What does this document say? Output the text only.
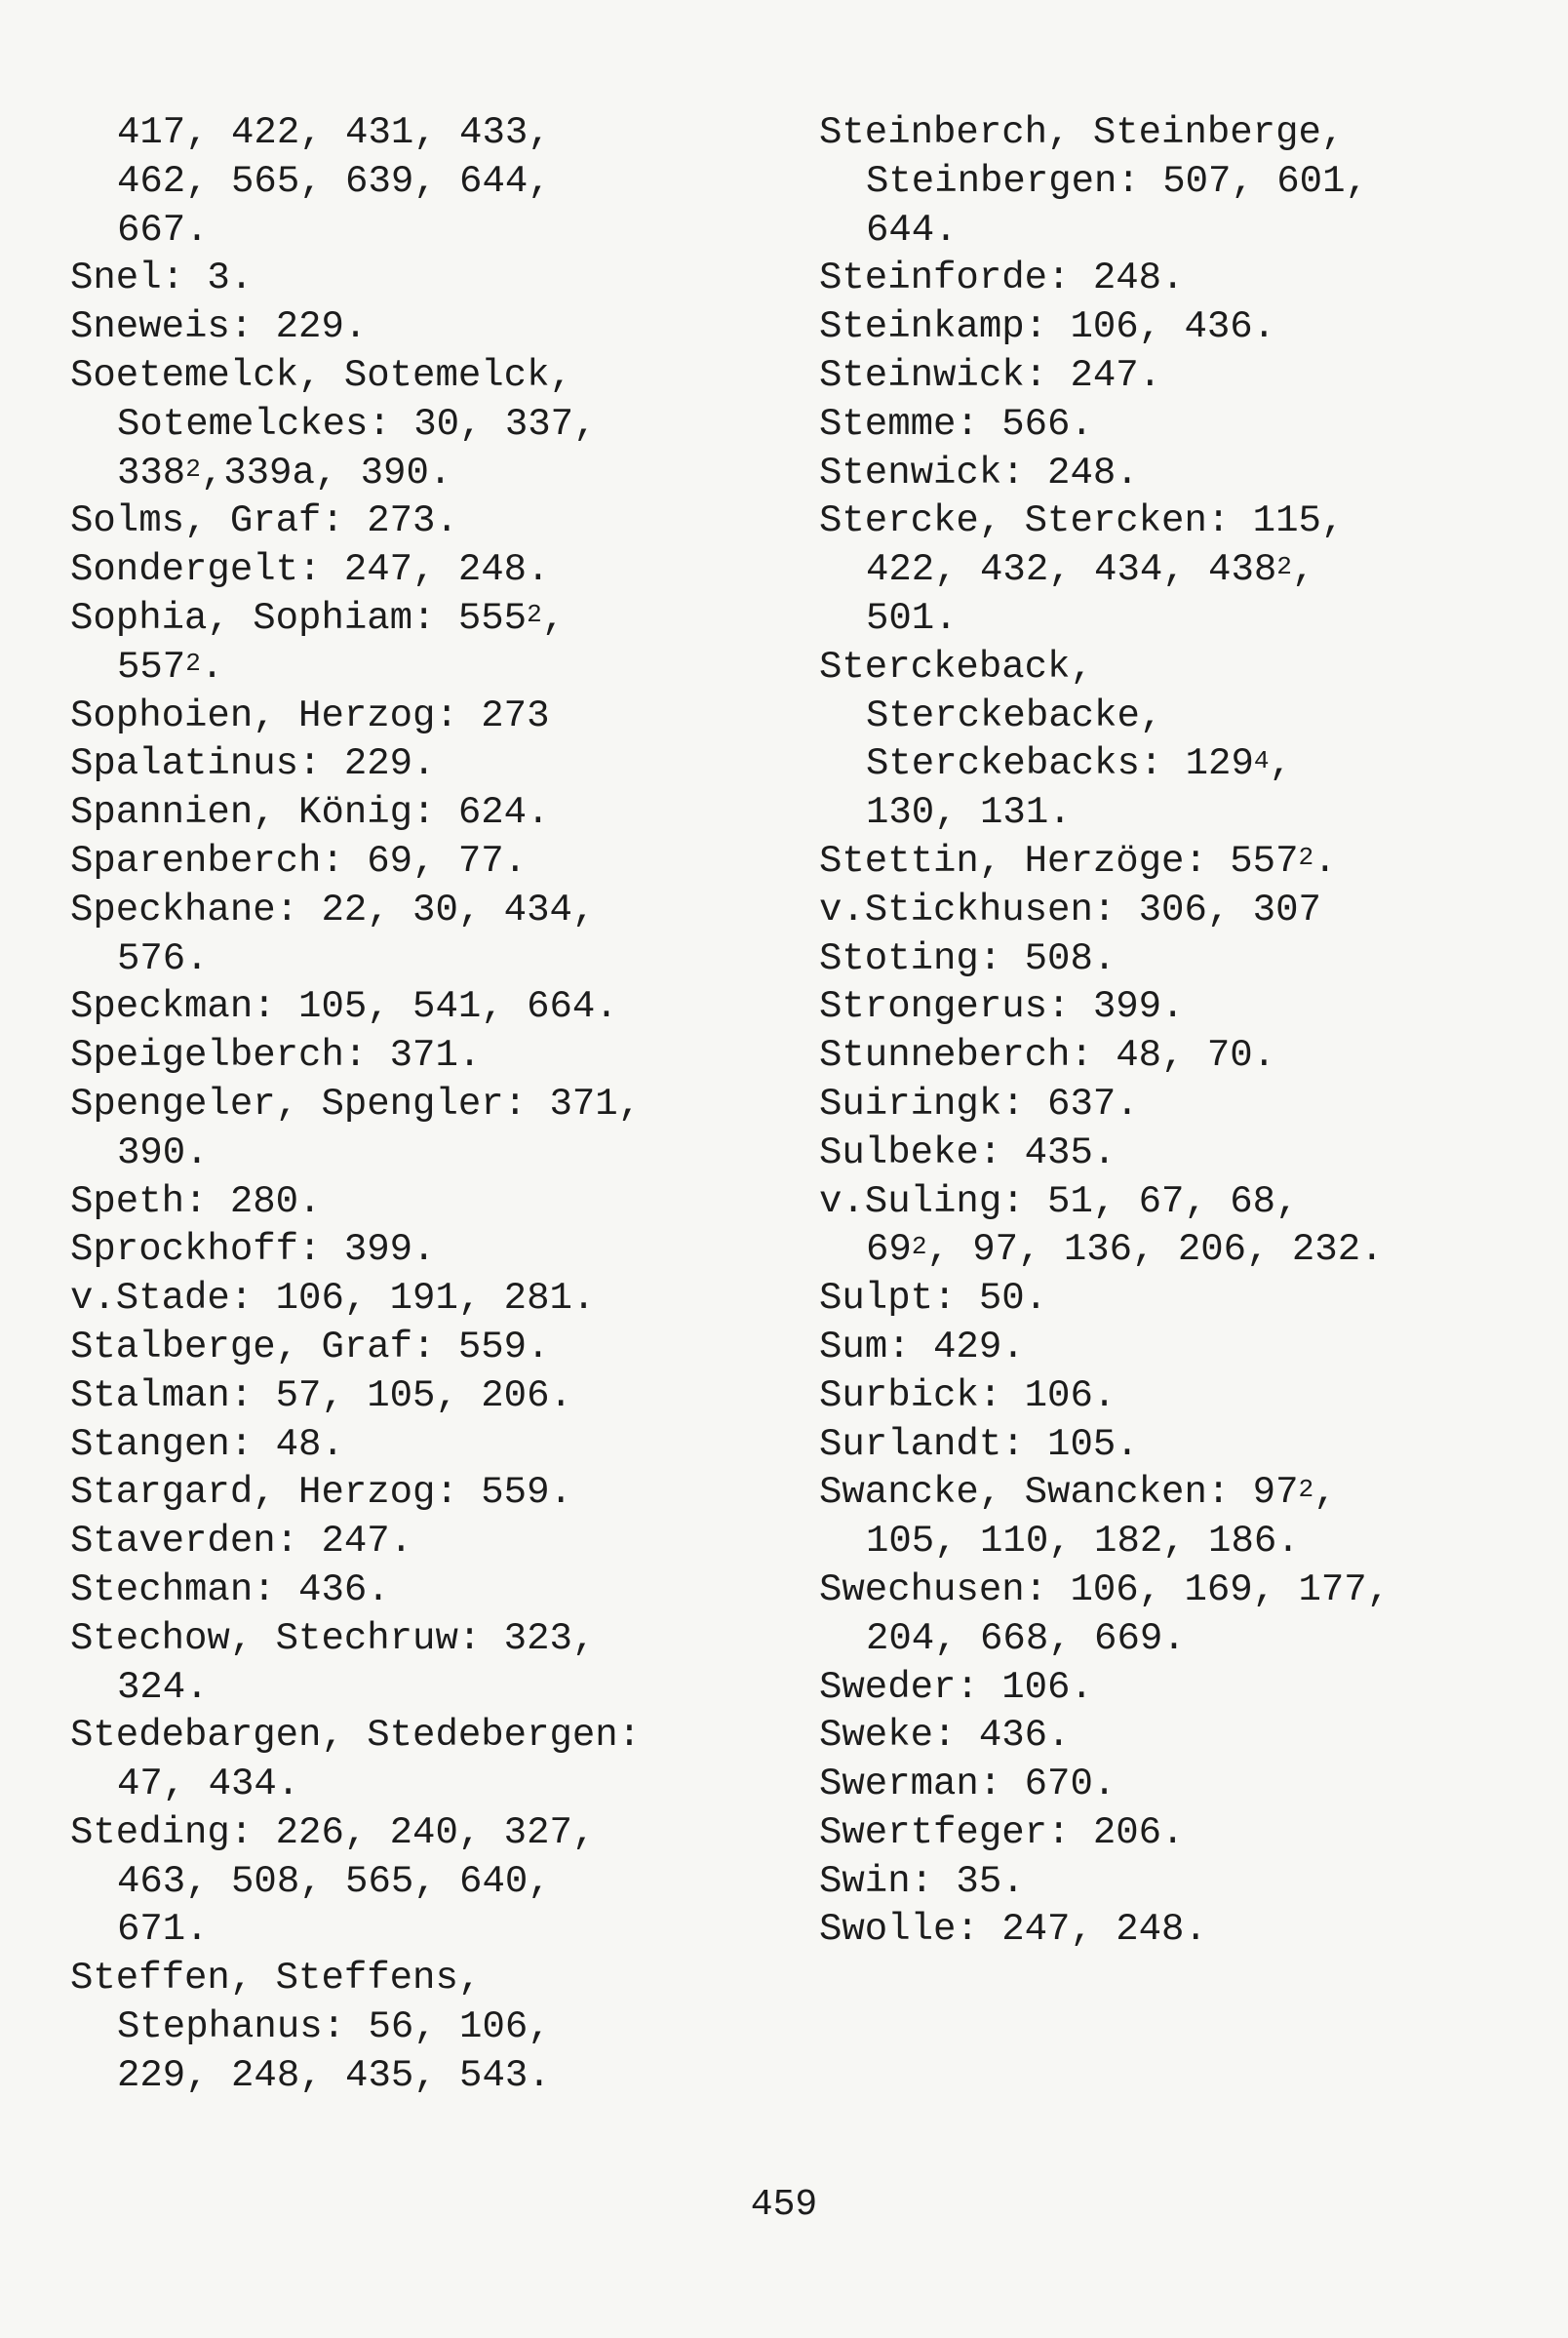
417, 422, 431, 433,
462, 565, 639, 644,
667.
Snel: 3.
Sneweis: 229.
Soetemelck, Sotemelck,
Sotemelckes: 30, 337,
$338^2,339a$, 390.
Solms, Graf: 273.
Sondergelt: 247, 248.
Sophia, Sophiam: $555^2$,
$557^2$.
Sophoien, Herzog: 273
Spalatinus: 229.
Spannien, König: 624.
Sparenberch: 69, 77.
Speckhane: 22, 30, 434,
576.
Speckman: 105, 541, 664.
Speigelberch: 371.
Spengeler, Spengler: 371,
390.
Speth: 280.
Sprockhoff: 399.
v.Stade: 106, 191, 281.
Stalberge, Graf: 559.
Stalman: 57, 105, 206.
Stangen: 48.
Stargard, Herzog: 559.
Staverden: 247.
Stechman: 436.
Stechow, Stechruw: 323,
324.
Stedebargen, Stedebergen:
47, 434.
Steding: 226, 240, 327,
463, 508, 565, 640,
671.
Steffen, Steffens,
Stephanus: 56, 106,
229, 248, 435, 543.
Steinberch, Steinberge,
Steinbergen: 507, 601,
644.
Steinforde: 248.
Steinkamp: 106, 436.
Steinwick: 247.
Stemme: 566.
Stenwick: 248.
Stercke, Stercken: 115,
422, 432, 434, $438^2$,
501.
Sterckeback,
Sterckebacke,
Sterckebacks: $129^4$,
130, 131.
Stettin, Herzöge: $557^2$.
v.Stickhusen: 306, 307
Stoting: 508.
Strongerus: 399.
Stunneberch: 48, 70.
Suiringk: 637.
Sulbeke: 435.
v.Suling: 51, 67, 68,
$69^2$, 97, 136, 206, 232.
Sulpt: 50.
Sum: 429.
Surbick: 106.
Surlandt: 105.
Swancke, Swancken: $97^2$,
105, 110, 182, 186.
Swechusen: 106, 169, 177,
204, 668, 669.
Sweder: 106.
Sweke: 436.
Swerman: 670.
Swertfeger: 206.
Swin: 35.
Swolle: 247, 248.
459
